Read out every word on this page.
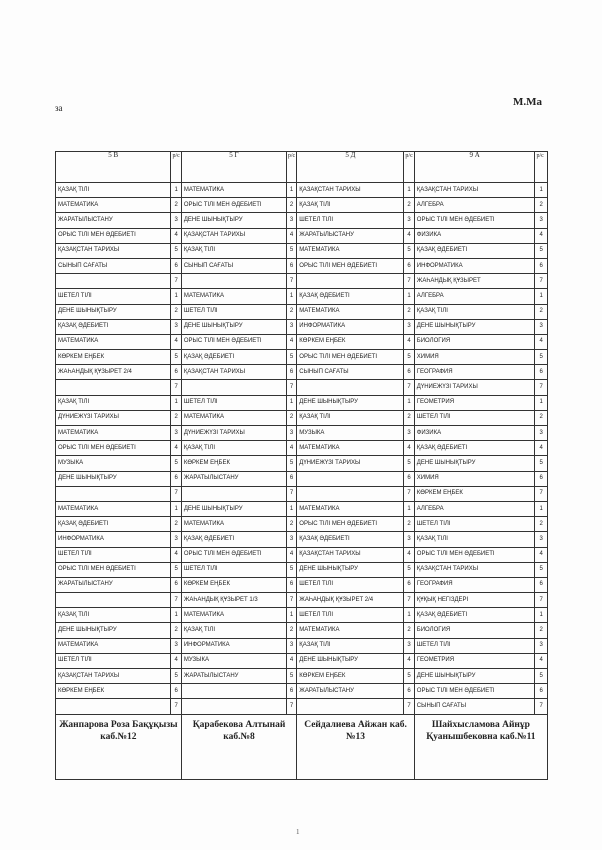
за	М.Ма
5 В	р/с	5 Г	р/с	5 Д	р/с	9 А	р/с
ҚАЗАҚ ТІЛІ	1	МАТЕМАТИКА	1	ҚАЗАҚСТАН ТАРИХЫ	1	ҚАЗАҚСТАН ТАРИХЫ	1
МАТЕМАТИКА	2	ОРЫС ТІЛІ МЕН ӘДЕБИЕТІ	2	ҚАЗАҚ ТІЛІ	2	АЛГЕБРА	2
ЖАРАТЫЛЫСТАНУ	3	ДЕНЕ ШЫНЫҚТЫРУ	3	ШЕТЕЛ ТІЛІ	3	ОРЫС ТІЛІ МЕН ӘДЕБИЕТІ	3
ОРЫС ТІЛІ МЕН ӘДЕБИЕТІ	4	ҚАЗАҚСТАН ТАРИХЫ	4	ЖАРАТЫЛЫСТАНУ	4	ФИЗИКА	4
ҚАЗАҚСТАН ТАРИХЫ	5	ҚАЗАҚ ТІЛІ	5	МАТЕМАТИКА	5	ҚАЗАҚ ӘДЕБИЕТІ	5
СЫНЫП САҒАТЫ	6	СЫНЫП САҒАТЫ	6	ОРЫС ТІЛІ МЕН ӘДЕБИЕТІ	6	ИНФОРМАТИКА	6
	7		7		7	ЖАҺАНДЫҚ ҚҰЗЫРЕТ	7
ШЕТЕЛ ТІЛІ	1	МАТЕМАТИКА	1	ҚАЗАҚ ӘДЕБИЕТІ	1	АЛГЕБРА	1
ДЕНЕ ШЫНЫҚТЫРУ	2	ШЕТЕЛ ТІЛІ	2	МАТЕМАТИКА	2	ҚАЗАҚ ТІЛІ	2
ҚАЗАҚ ӘДЕБИЕТІ	3	ДЕНЕ ШЫНЫҚТЫРУ	3	ИНФОРМАТИКА	3	ДЕНЕ ШЫНЫҚТЫРУ	3
МАТЕМАТИКА	4	ОРЫС ТІЛІ МЕН ӘДЕБИЕТІ	4	КӨРКЕМ ЕҢБЕК	4	БИОЛОГИЯ	4
КӨРКЕМ ЕҢБЕК	5	ҚАЗАҚ ӘДЕБИЕТІ	5	ОРЫС ТІЛІ МЕН ӘДЕБИЕТІ	5	ХИМИЯ	5
ЖАҺАНДЫҚ ҚҰЗЫРЕТ 2/4	6	ҚАЗАҚСТАН ТАРИХЫ	6	СЫНЫП САҒАТЫ	6	ГЕОГРАФИЯ	6
	7		7		7	ДҮНИЕЖҮЗІ ТАРИХЫ	7
ҚАЗАҚ ТІЛІ	1	ШЕТЕЛ ТІЛІ	1	ДЕНЕ ШЫНЫҚТЫРУ	1	ГЕОМЕТРИЯ	1
ДҮНИЕЖҮЗІ ТАРИХЫ	2	МАТЕМАТИКА	2	ҚАЗАҚ ТІЛІ	2	ШЕТЕЛ ТІЛІ	2
МАТЕМАТИКА	3	ДҮНИЕЖҮЗІ ТАРИХЫ	3	МУЗЫКА	3	ФИЗИКА	3
ОРЫС ТІЛІ МЕН ӘДЕБИЕТІ	4	ҚАЗАҚ ТІЛІ	4	МАТЕМАТИКА	4	ҚАЗАҚ ӘДЕБИЕТІ	4
МУЗЫКА	5	КӨРКЕМ ЕҢБЕК	5	ДҮНИЕЖҮЗІ ТАРИХЫ	5	ДЕНЕ ШЫНЫҚТЫРУ	5
ДЕНЕ ШЫНЫҚТЫРУ	6	ЖАРАТЫЛЫСТАНУ	6		6	ХИМИЯ	6
	7		7		7	КӨРКЕМ ЕҢБЕК	7
МАТЕМАТИКА	1	ДЕНЕ ШЫНЫҚТЫРУ	1	МАТЕМАТИКА	1	АЛГЕБРА	1
ҚАЗАҚ ӘДЕБИЕТІ	2	МАТЕМАТИКА	2	ОРЫС ТІЛІ МЕН ӘДЕБИЕТІ	2	ШЕТЕЛ ТІЛІ	2
ИНФОРМАТИКА	3	ҚАЗАҚ ӘДЕБИЕТІ	3	ҚАЗАҚ ӘДЕБИЕТІ	3	ҚАЗАҚ ТІЛІ	3
ШЕТЕЛ ТІЛІ	4	ОРЫС ТІЛІ МЕН ӘДЕБИЕТІ	4	ҚАЗАҚСТАН ТАРИХЫ	4	ОРЫС ТІЛІ МЕН ӘДЕБИЕТІ	4
ОРЫС ТІЛІ МЕН ӘДЕБИЕТІ	5	ШЕТЕЛ ТІЛІ	5	ДЕНЕ ШЫНЫҚТЫРУ	5	ҚАЗАҚСТАН ТАРИХЫ	5
ЖАРАТЫЛЫСТАНУ	6	КӨРКЕМ ЕҢБЕК	6	ШЕТЕЛ ТІЛІ	6	ГЕОГРАФИЯ	6
	7	ЖАҺАНДЫҚ ҚҰЗЫРЕТ 1/3	7	ЖАҺАНДЫҚ ҚҰЗЫРЕТ 2/4	7	ҚҰҚЫҚ НЕГІЗДЕРІ	7
ҚАЗАҚ ТІЛІ	1	МАТЕМАТИКА	1	ШЕТЕЛ ТІЛІ	1	ҚАЗАҚ ӘДЕБИЕТІ	1
ДЕНЕ ШЫНЫҚТЫРУ	2	ҚАЗАҚ ТІЛІ	2	МАТЕМАТИКА	2	БИОЛОГИЯ	2
МАТЕМАТИКА	3	ИНФОРМАТИКА	3	ҚАЗАҚ ТІЛІ	3	ШЕТЕЛ ТІЛІ	3
ШЕТЕЛ ТІЛІ	4	МУЗЫКА	4	ДЕНЕ ШЫНЫҚТЫРУ	4	ГЕОМЕТРИЯ	4
ҚАЗАҚСТАН ТАРИХЫ	5	ЖАРАТЫЛЫСТАНУ	5	КӨРКЕМ ЕҢБЕК	5	ДЕНЕ ШЫНЫҚТЫРУ	5
КӨРКЕМ ЕҢБЕК	6		6	ЖАРАТЫЛЫСТАНУ	6	ОРЫС ТІЛІ МЕН ӘДЕБИЕТІ	6
	7		7		7	СЫНЫП САҒАТЫ	7
Жанпарова Роза Бақұқызы каб.№12		Қарабекова Алтынай каб.№8		Сейдалиева Айжан каб.№13		Шайхысламова Айнұр Қуанышбековна каб.№11	
1
